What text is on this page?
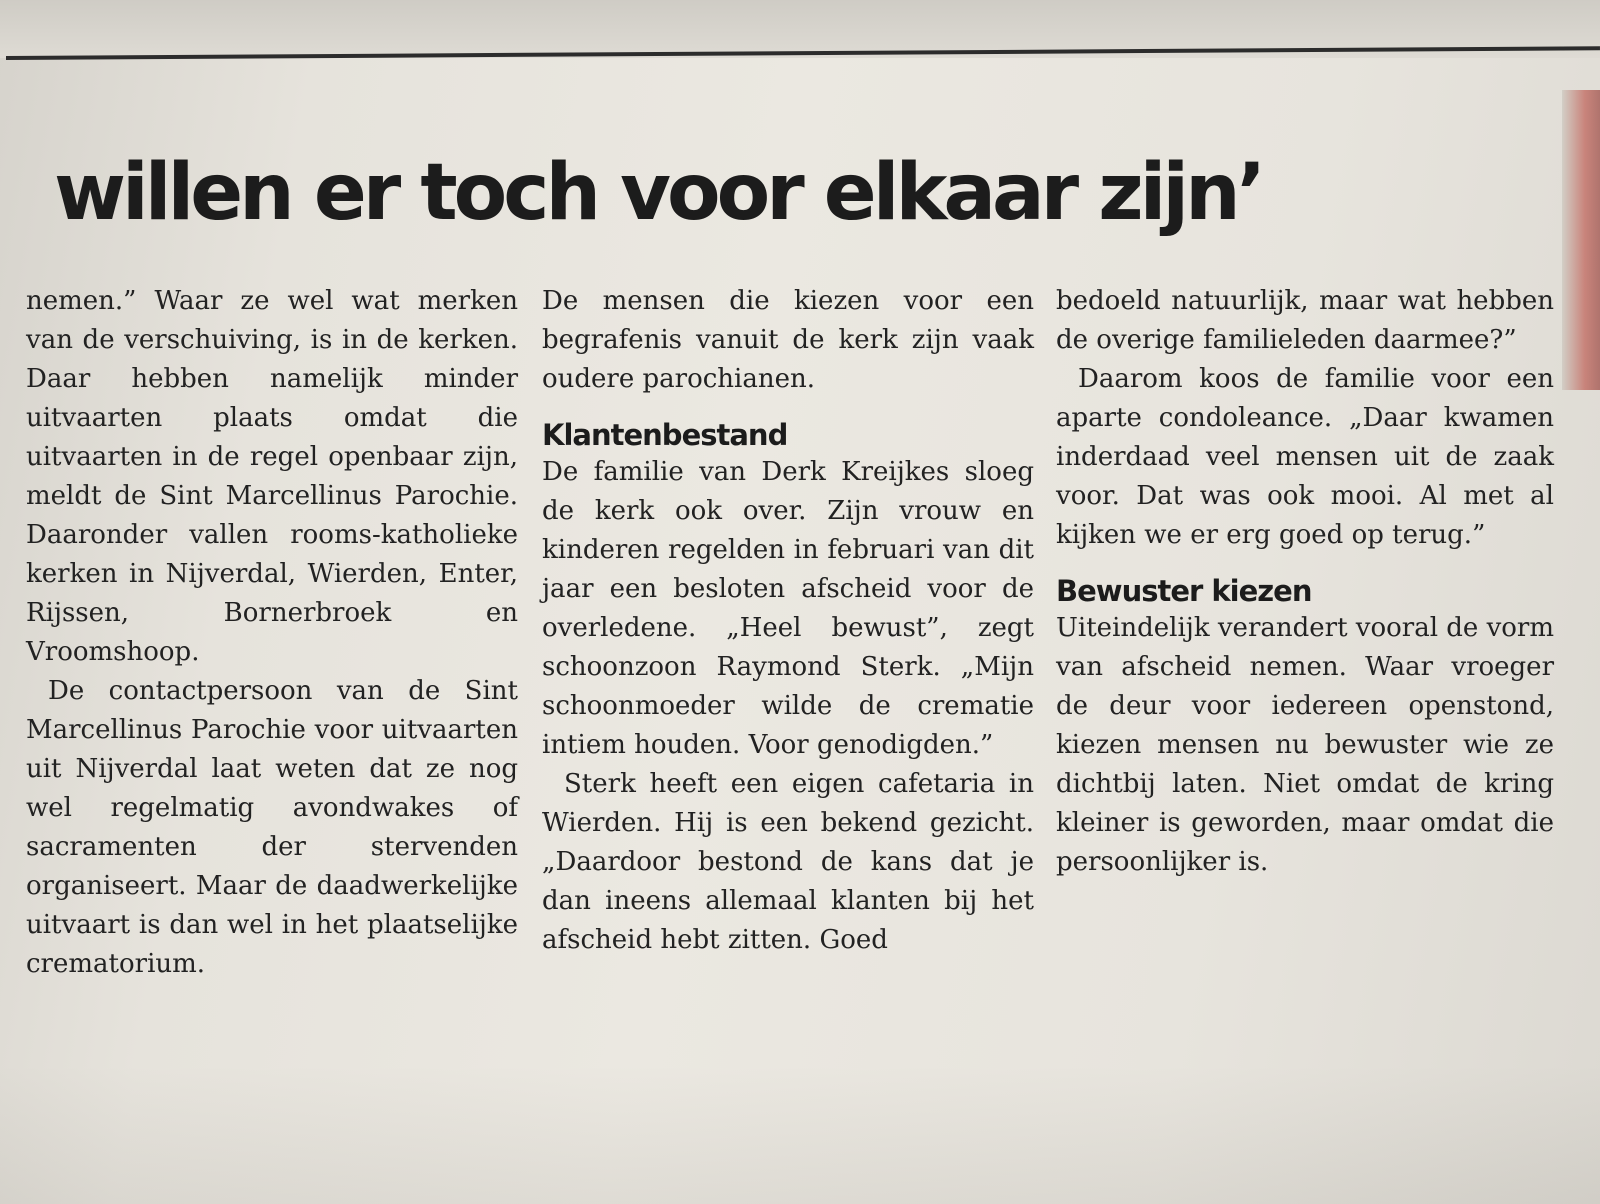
willen er toch voor elkaar zijn’

nemen.” Waar ze wel wat merken van de verschuiving, is in de kerken. Daar hebben namelijk minder uitvaarten plaats omdat die uitvaarten in de regel openbaar zijn, meldt de Sint Marcellinus Parochie. Daaronder vallen rooms-katholieke kerken in Nijverdal, Wierden, Enter, Rijssen, Bornerbroek en Vroomshoop.

De contactpersoon van de Sint Marcellinus Parochie voor uitvaarten uit Nijverdal laat weten dat ze nog wel regelmatig avondwakes of sacramenten der stervenden organiseert. Maar de daadwerkelijke uitvaart is dan wel in het plaatselijke crematorium.

De mensen die kiezen voor een begrafenis vanuit de kerk zijn vaak oudere parochianen.

Klantenbestand

De familie van Derk Kreijkes sloeg de kerk ook over. Zijn vrouw en kinderen regelden in februari van dit jaar een besloten afscheid voor de overledene. „Heel bewust”, zegt schoonzoon Raymond Sterk. „Mijn schoonmoeder wilde de crematie intiem houden. Voor genodigden.”

Sterk heeft een eigen cafetaria in Wierden. Hij is een bekend gezicht. „Daardoor bestond de kans dat je dan ineens allemaal klanten bij het afscheid hebt zitten. Goed

bedoeld natuurlijk, maar wat hebben de overige familieleden daarmee?”

Daarom koos de familie voor een aparte condoleance. „Daar kwamen inderdaad veel mensen uit de zaak voor. Dat was ook mooi. Al met al kijken we er erg goed op terug.”

Bewuster kiezen

Uiteindelijk verandert vooral de vorm van afscheid nemen. Waar vroeger de deur voor iedereen openstond, kiezen mensen nu bewuster wie ze dichtbij laten. Niet omdat de kring kleiner is geworden, maar omdat die persoonlijker is.
